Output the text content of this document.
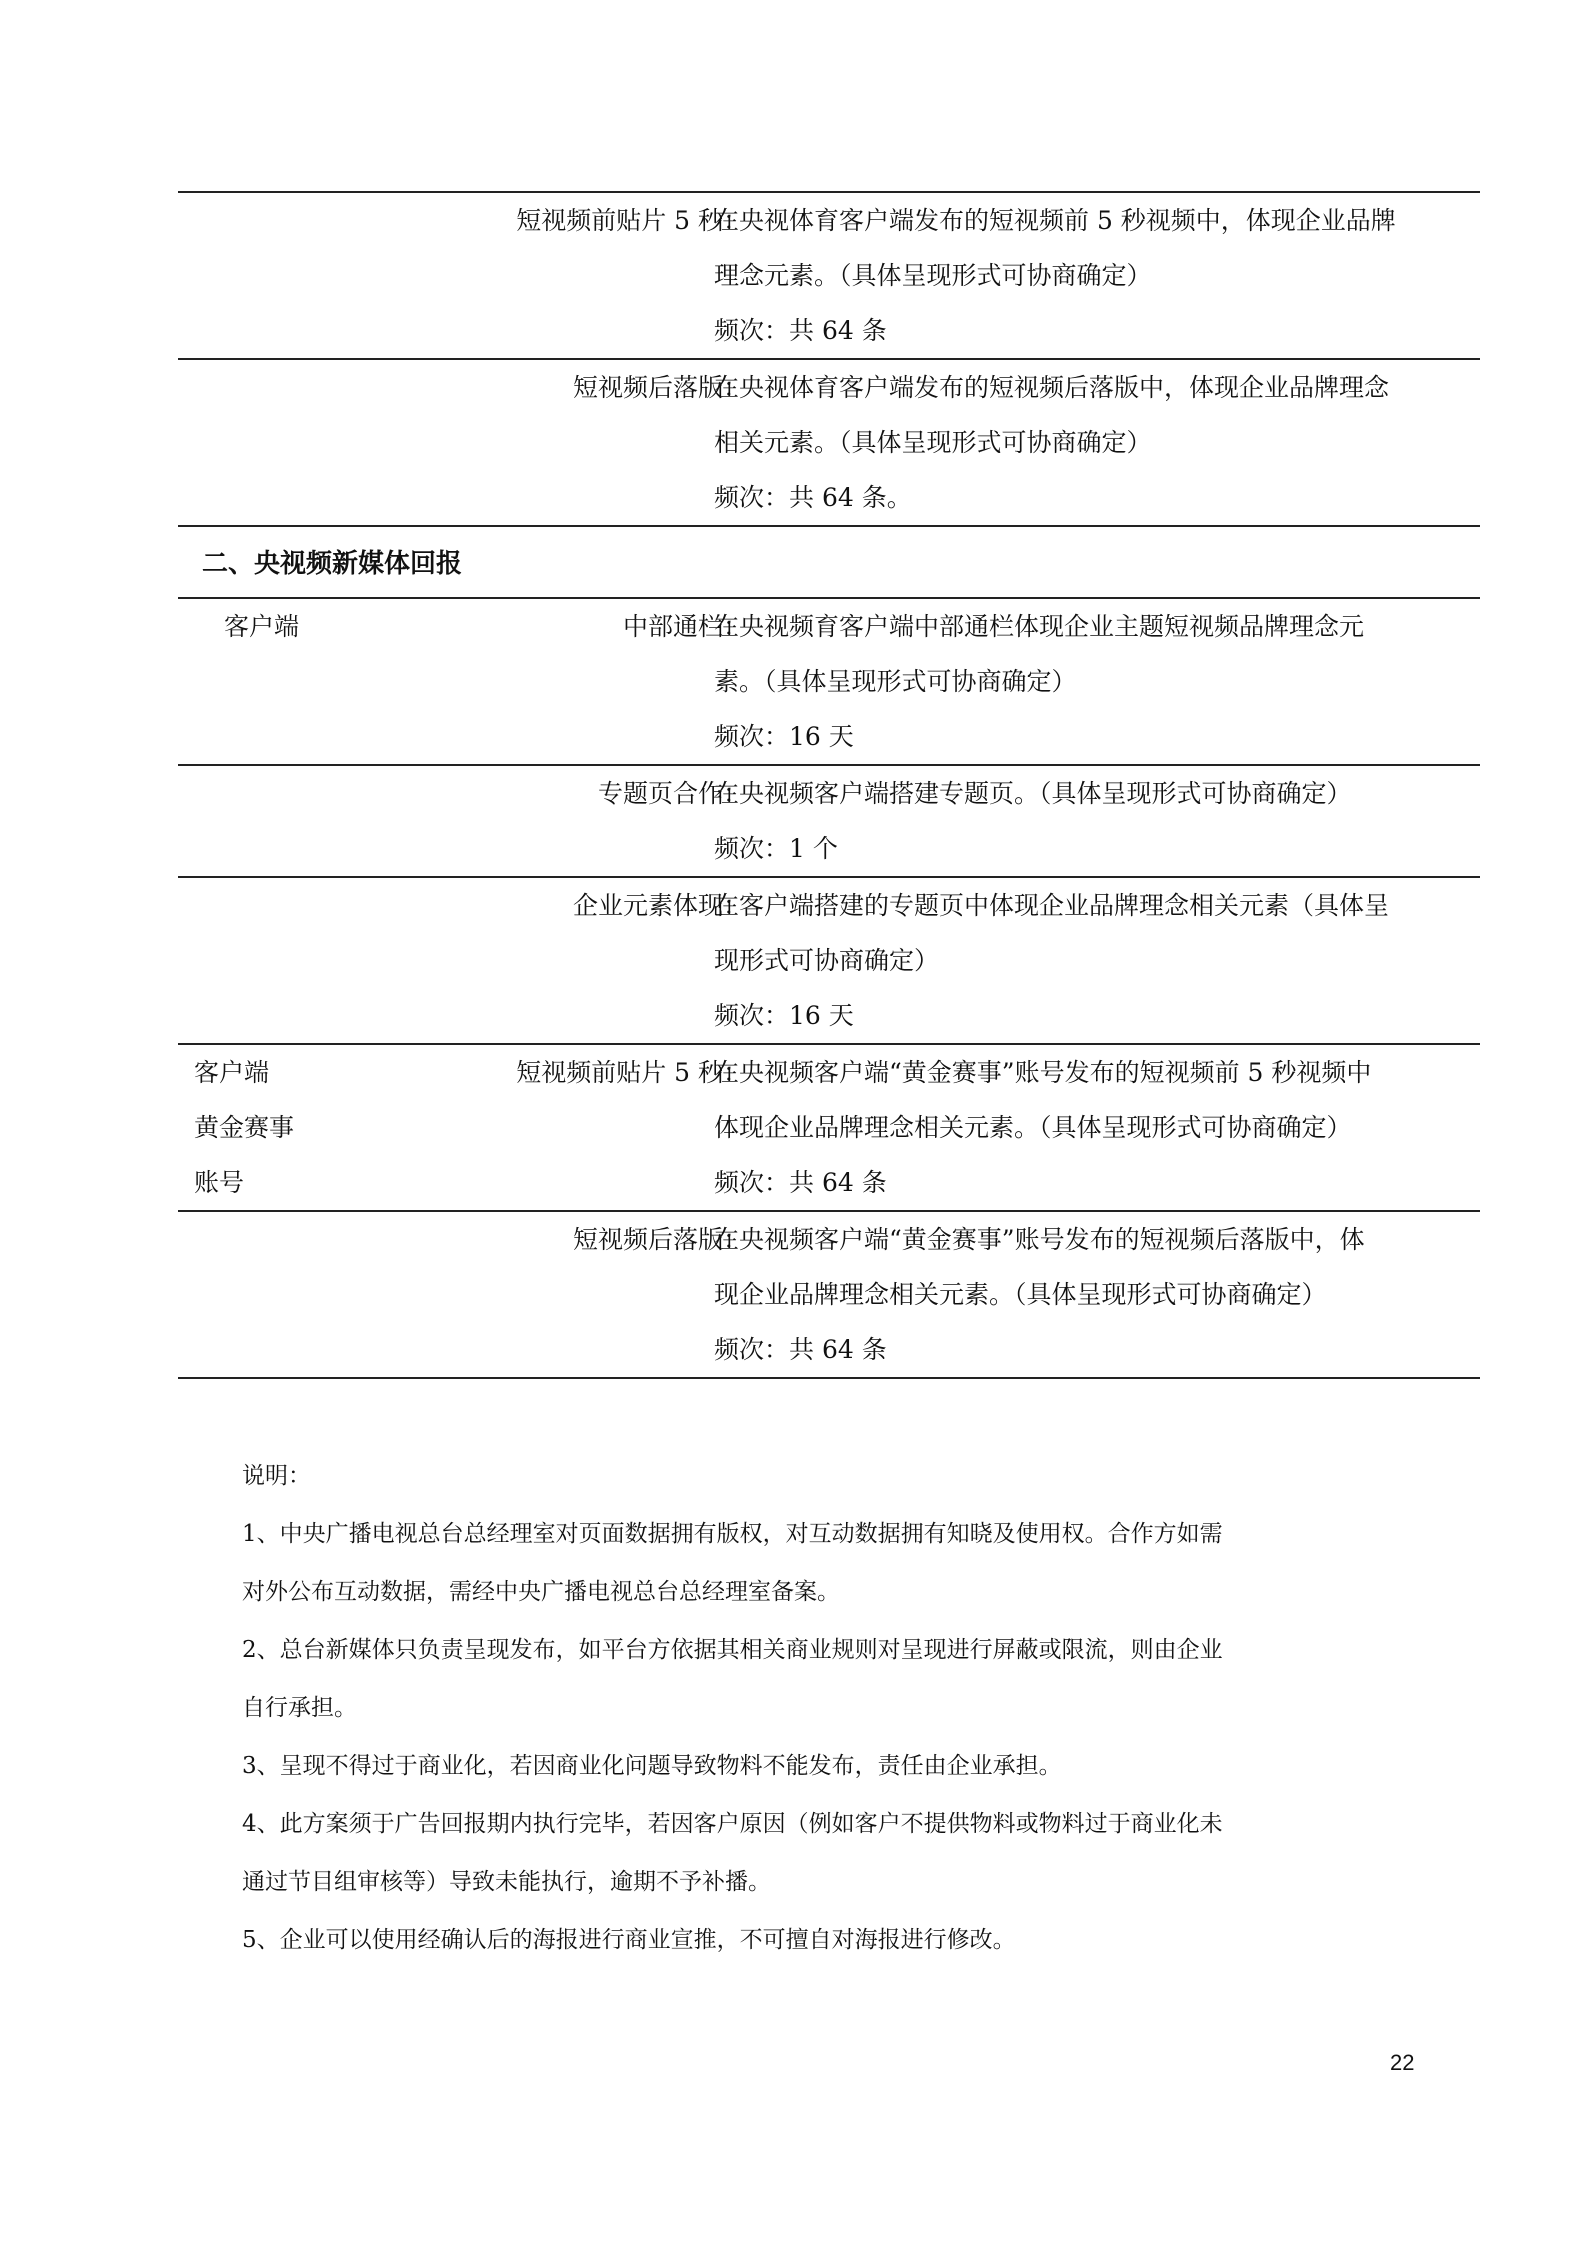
短视频前贴片 5 秒：

在央视体育客户端发布的短视频前 5 秒视频中，体现企业品牌

理念元素。（具体呈现形式可协商确定）

频次：共 64 条

短视频后落版：

在央视体育客户端发布的短视频后落版中，体现企业品牌理念

相关元素。（具体呈现形式可协商确定）

频次：共 64 条。

二、央视频新媒体回报
客户端	中部通栏：

在央视频育客户端中部通栏体现企业主题短视频品牌理念元

素。（具体呈现形式可协商确定）

频次：16 天

专题页合作：

在央视频客户端搭建专题页。（具体呈现形式可协商确定）

频次：1 个

企业元素体现：

在客户端搭建的专题页中体现企业品牌理念相关元素（具体呈

现形式可协商确定）

频次：16 天

客户端
黄金赛事
账号
短视频前贴片 5 秒：

在央视频客户端“黄金赛事”账号发布的短视频前 5 秒视频中

体现企业品牌理念相关元素。（具体呈现形式可协商确定）

频次：共 64 条

短视频后落版：

在央视频客户端“黄金赛事”账号发布的短视频后落版中，体

现企业品牌理念相关元素。（具体呈现形式可协商确定）

频次：共 64 条

说明：

1、中央广播电视总台总经理室对页面数据拥有版权，对互动数据拥有知晓及使用权。合作方如需

对外公布互动数据，需经中央广播电视总台总经理室备案。

2、总台新媒体只负责呈现发布，如平台方依据其相关商业规则对呈现进行屏蔽或限流，则由企业

自行承担。

3、呈现不得过于商业化，若因商业化问题导致物料不能发布，责任由企业承担。

4、此方案须于广告回报期内执行完毕，若因客户原因（例如客户不提供物料或物料过于商业化未

通过节目组审核等）导致未能执行，逾期不予补播。

5、企业可以使用经确认后的海报进行商业宣推，不可擅自对海报进行修改。

22
